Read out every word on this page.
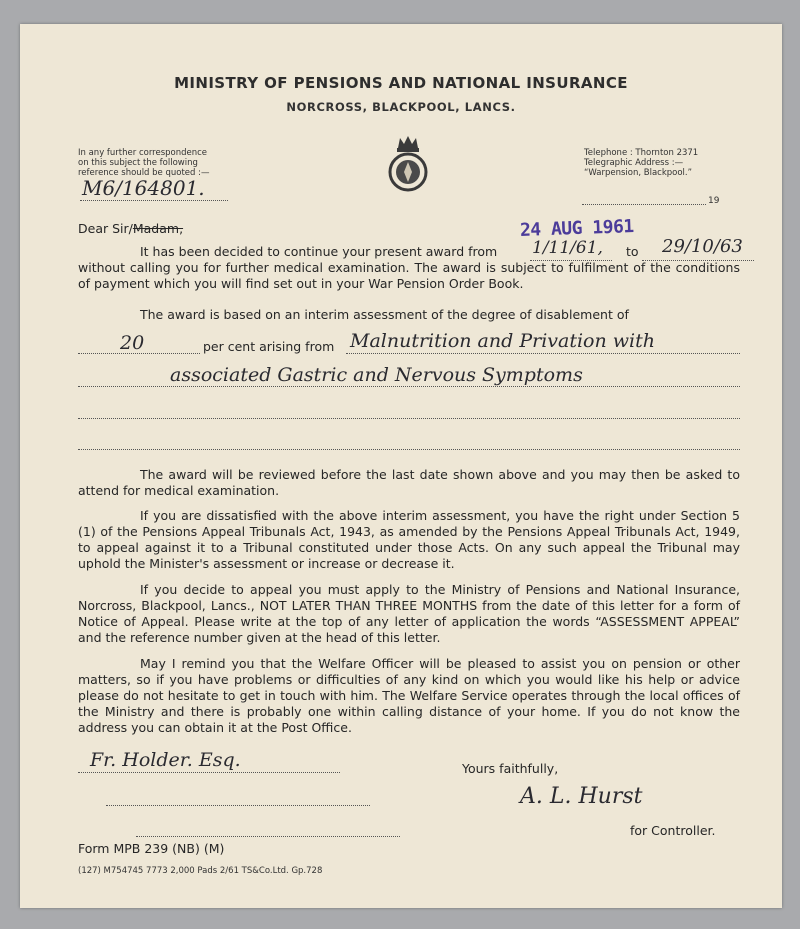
MINISTRY OF PENSIONS AND NATIONAL INSURANCE
NORCROSS, BLACKPOOL, LANCS.
In any further correspondence
on this subject the following
reference should be quoted :—
Telephone : Thornton 2371
Telegraphic Address :—
“Warpension, Blackpool.”
M6/164801.
19
Dear Sir/Madam,	24 AUG 1961
It has been decided to continue your present award from 1/11/61, to 29/10/63
without calling you for further medical examination. The award is subject to fulfilment of the conditions of payment which you will find set out in your War Pension Order Book.
The award is based on an interim assessment of the degree of disablement of
20	per cent arising from Malnutrition and Privation with
associated Gastric and Nervous Symptoms
The award will be reviewed before the last date shown above and you may then be asked to attend for medical examination.
If you are dissatisfied with the above interim assessment, you have the right under Section 5 (1) of the Pensions Appeal Tribunals Act, 1943, as amended by the Pensions Appeal Tribunals Act, 1949, to appeal against it to a Tribunal constituted under those Acts. On any such appeal the Tribunal may uphold the Minister's assessment or increase or decrease it.
If you decide to appeal you must apply to the Ministry of Pensions and National Insurance, Norcross, Blackpool, Lancs., NOT LATER THAN THREE MONTHS from the date of this letter for a form of Notice of Appeal. Please write at the top of any letter of application the words “ASSESSMENT APPEAL” and the reference number given at the head of this letter.
May I remind you that the Welfare Officer will be pleased to assist you on pension or other matters, so if you have problems or difficulties of any kind on which you would like his help or advice please do not hesitate to get in touch with him. The Welfare Service operates through the local offices of the Ministry and there is probably one within calling distance of your home. If you do not know the address you can obtain it at the Post Office.
Fr. Holder. Esq.	Yours faithfully,
A. L. Hurst
for Controller.
Form MPB 239 (NB) (M)
(127) M754745 7773 2,000 Pads 2/61 TS&Co.Ltd. Gp.728
